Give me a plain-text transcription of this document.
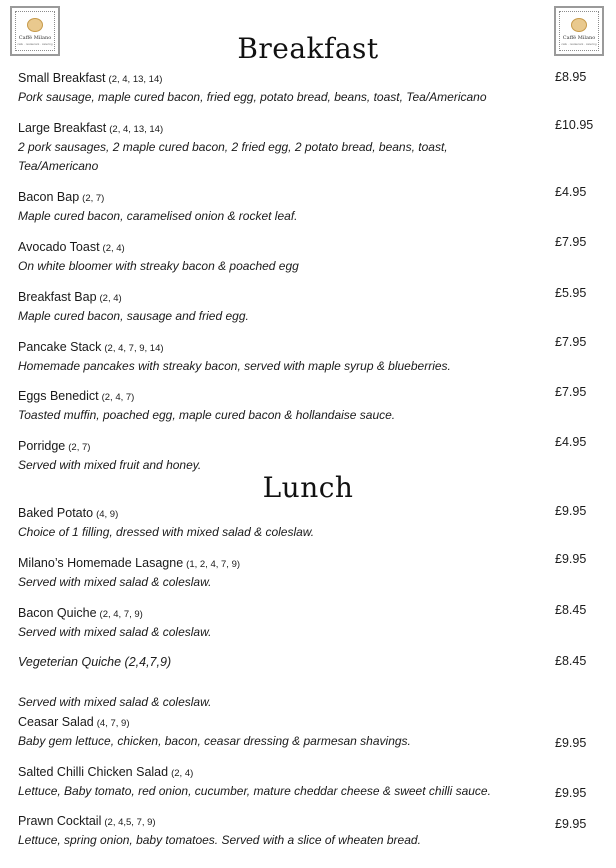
Caffé Milano
cafe · restaurant · catering
Caffé Milano
cafe · restaurant · catering
Breakfast
Small Breakfast (2, 4, 13, 14)
Pork sausage, maple cured bacon, fried egg, potato bread, beans, toast, Tea/Americano
£8.95
Large Breakfast (2, 4, 13, 14)
2 pork sausages, 2 maple cured bacon, 2 fried egg, 2 potato bread, beans, toast, Tea/Americano
£10.95
Bacon Bap (2, 7)
Maple cured bacon, caramelised onion & rocket leaf.
£4.95
Avocado Toast (2, 4)
On white bloomer with streaky bacon & poached egg
£7.95
Breakfast Bap (2, 4)
Maple cured bacon, sausage and fried egg.
£5.95
Pancake Stack (2, 4, 7, 9, 14)
Homemade pancakes with streaky bacon, served with maple syrup & blueberries.
£7.95
Eggs Benedict (2, 4, 7)
Toasted muffin, poached egg, maple cured bacon & hollandaise sauce.
£7.95
Porridge (2, 7)
Served with mixed fruit and honey.
£4.95
Lunch
Baked Potato (4, 9)
Choice of 1 filling, dressed with mixed salad & coleslaw.
£9.95
Milano’s Homemade Lasagne (1, 2, 4, 7, 9)
Served with mixed salad & coleslaw.
£9.95
Bacon Quiche (2, 4, 7, 9)
Served with mixed salad & coleslaw.
£8.45
Vegeterian Quiche (2,4,7,9)
Served with mixed salad & coleslaw.
£8.45
Ceasar Salad (4, 7, 9)
Baby gem lettuce, chicken, bacon, ceasar dressing & parmesan shavings.	£9.95
Salted Chilli Chicken Salad (2, 4)
Lettuce, Baby tomato, red onion, cucumber, mature cheddar cheese & sweet chilli sauce.	£9.95
Prawn Cocktail (2, 4,5, 7, 9)
Lettuce, spring onion, baby tomatoes. Served with a slice of wheaten bread.
£9.95
